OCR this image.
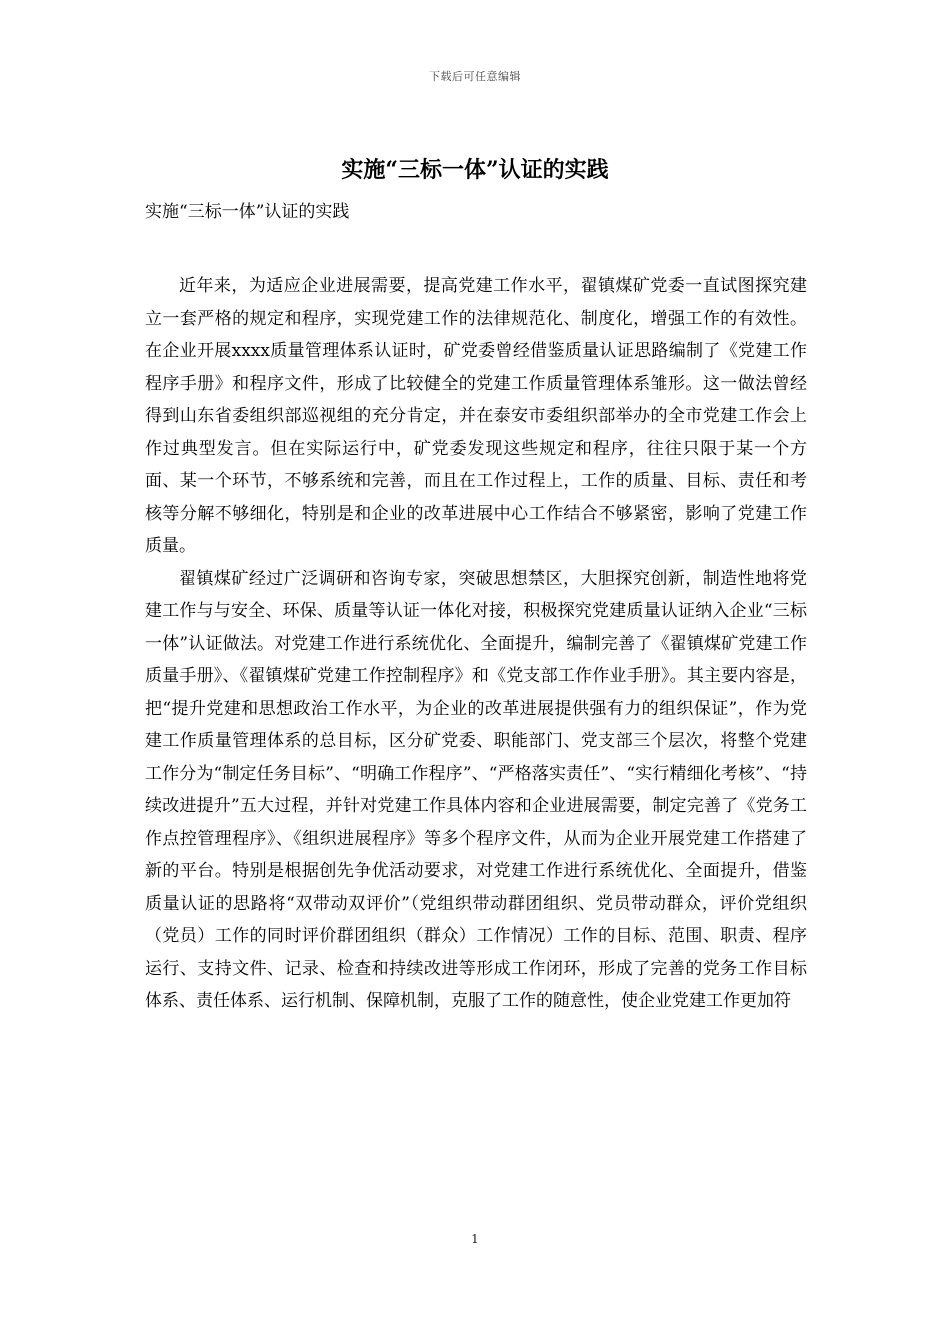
下载后可任意编辑
实施“三标一体”认证的实践
实施“三标一体”认证的实践

近年来，为适应企业进展需要，提高党建工作水平，翟镇煤矿党委一直试图探究建立一套严格的规定和程序，实现党建工作的法律规范化、制度化，增强工作的有效性。在企业开展xxxx质量管理体系认证时，矿党委曾经借鉴质量认证思路编制了《党建工作程序手册》和程序文件，形成了比较健全的党建工作质量管理体系雏形。这一做法曾经得到山东省委组织部巡视组的充分肯定，并在泰安市委组织部举办的全市党建工作会上作过典型发言。但在实际运行中，矿党委发现这些规定和程序，往往只限于某一个方面、某一个环节，不够系统和完善，而且在工作过程上，工作的质量、目标、责任和考核等分解不够细化，特别是和企业的改革进展中心工作结合不够紧密，影响了党建工作质量。

翟镇煤矿经过广泛调研和咨询专家，突破思想禁区，大胆探究创新，制造性地将党建工作与与安全、环保、质量等认证一体化对接，积极探究党建质量认证纳入企业“三标一体”认证做法。对党建工作进行系统优化、全面提升，编制完善了《翟镇煤矿党建工作质量手册》、《翟镇煤矿党建工作控制程序》和《党支部工作作业手册》。其主要内容是，把“提升党建和思想政治工作水平，为企业的改革进展提供强有力的组织保证”，作为党建工作质量管理体系的总目标，区分矿党委、职能部门、党支部三个层次，将整个党建工作分为“制定任务目标”、“明确工作程序”、“严格落实责任”、“实行精细化考核”、“持续改进提升”五大过程，并针对党建工作具体内容和企业进展需要，制定完善了《党务工作点控管理程序》、《组织进展程序》等多个程序文件，从而为企业开展党建工作搭建了新的平台。特别是根据创先争优活动要求，对党建工作进行系统优化、全面提升，借鉴质量认证的思路将“双带动双评价”（党组织带动群团组织、党员带动群众，评价党组织（党员）工作的同时评价群团组织（群众）工作情况）工作的目标、范围、职责、程序运行、支持文件、记录、检查和持续改进等形成工作闭环，形成了完善的党务工作目标体系、责任体系、运行机制、保障机制，克服了工作的随意性，使企业党建工作更加符

1
